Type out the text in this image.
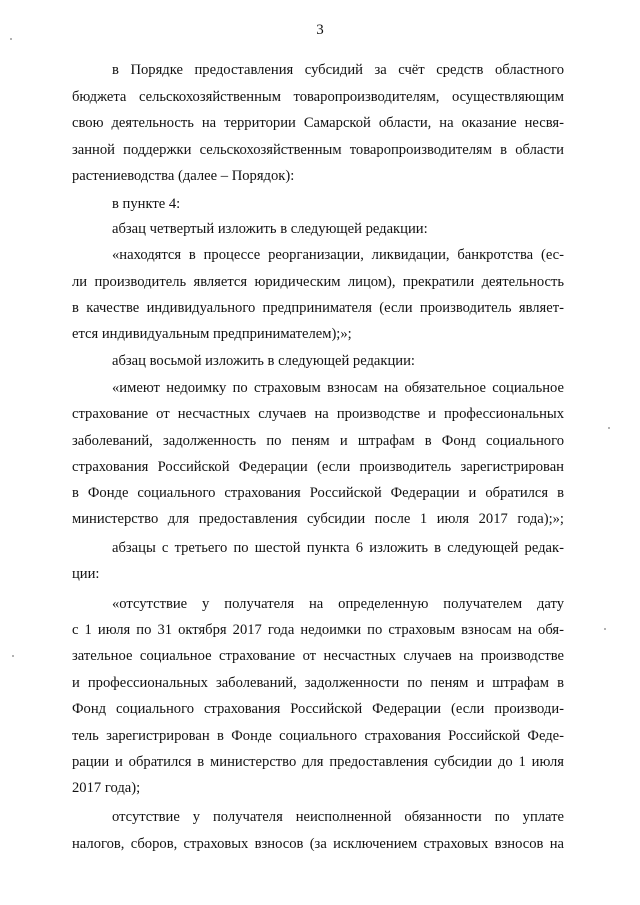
3
в Порядке предоставления субсидий за счёт средств областного
бюджета сельскохозяйственным товаропроизводителям, осуществляющим
свою деятельность на территории Самарской области, на оказание несвя-
занной поддержки сельскохозяйственным товаропроизводителям в области
растениеводства (далее – Порядок):
в пункте 4:
абзац четвертый изложить в следующей редакции:
«находятся в процессе реорганизации, ликвидации, банкротства (ес-
ли производитель является юридическим лицом), прекратили деятельность
в качестве индивидуального предпринимателя (если производитель являет-
ется индивидуальным предпринимателем);»;
абзац восьмой изложить в следующей редакции:
«имеют недоимку по страховым взносам на обязательное социальное
страхование от несчастных случаев на производстве и профессиональных
заболеваний, задолженность по пеням и штрафам в Фонд социального
страхования Российской Федерации (если производитель зарегистрирован
в Фонде социального страхования Российской Федерации и обратился в
министерство для предоставления субсидии после 1 июля 2017 года);»;
абзацы с третьего по шестой пункта 6 изложить в следующей редак-
ции:
«отсутствие у получателя на определенную получателем дату
с 1 июля по 31 октября 2017 года недоимки по страховым взносам на обя-
зательное социальное страхование от несчастных случаев на производстве
и профессиональных заболеваний, задолженности по пеням и штрафам в
Фонд социального страхования Российской Федерации (если производи-
тель зарегистрирован в Фонде социального страхования Российской Феде-
рации и обратился в министерство для предоставления субсидии до 1 июля
2017 года);
отсутствие у получателя неисполненной обязанности по уплате
налогов, сборов, страховых взносов (за исключением страховых взносов на
